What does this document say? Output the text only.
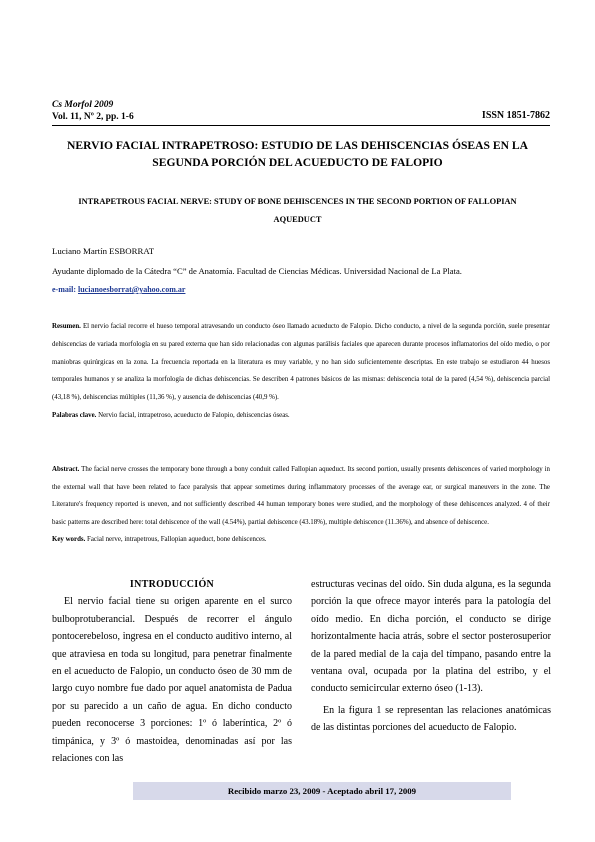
Cs Morfol 2009
Vol. 11, Nº 2, pp. 1-6	ISSN 1851-7862
NERVIO FACIAL INTRAPETROSO: ESTUDIO DE LAS DEHISCENCIAS ÓSEAS EN LA SEGUNDA PORCIÓN DEL ACUEDUCTO DE FALOPIO
INTRAPETROUS FACIAL NERVE: STUDY OF BONE DEHISCENCES IN THE SECOND PORTION OF FALLOPIAN AQUEDUCT
Luciano Martín ESBORRAT
Ayudante diplomado de la Cátedra “C” de Anatomía. Facultad de Ciencias Médicas. Universidad Nacional de La Plata.
e-mail: lucianoesborrat@yahoo.com.ar
Resumen. El nervio facial recorre el hueso temporal atravesando un conducto óseo llamado acueducto de Falopio. Dicho conducto, a nivel de la segunda porción, suele presentar dehiscencias de variada morfología en su pared externa que han sido relacionadas con algunas parálisis faciales que aparecen durante procesos inflamatorios del oído medio, o por maniobras quirúrgicas en la zona. La frecuencia reportada en la literatura es muy variable, y no han sido suficientemente descriptas. En este trabajo se estudiaron 44 huesos temporales humanos y se analiza la morfología de dichas dehiscencias. Se describen 4 patrones básicos de las mismas: dehiscencia total de la pared (4,54 %), dehiscencia parcial (43,18 %), dehiscencias múltiples (11,36 %), y ausencia de dehiscencias (40,9 %).
Palabras clave. Nervio facial, intrapetroso, acueducto de Falopio, dehiscencias óseas.
Abstract. The facial nerve crosses the temporary bone through a bony conduit called Fallopian aqueduct. Its second portion, usually presents dehiscences of varied morphology in the external wall that have been related to face paralysis that appear sometimes during inflammatory processes of the average ear, or surgical maneuvers in the zone. The Literature's frequency reported is uneven, and not sufficiently described 44 human temporary bones were studied, and the morphology of these dehiscences analyzed. 4 of their basic patterns are described here: total dehiscence of the wall (4.54%), partial dehiscence (43.18%), multiple dehiscence (11.36%), and absence of dehiscence.
Key words. Facial nerve, intrapetrous, Fallopian aqueduct, bone dehiscences.

INTRODUCCIÓN

El nervio facial tiene su origen aparente en el surco bulboprotuberancial. Después de recorrer el ángulo pontocerebeloso, ingresa en el conducto auditivo interno, al que atraviesa en toda su longitud, para penetrar finalmente en el acueducto de Falopio, un conducto óseo de 30 mm de largo cuyo nombre fue dado por aquel anatomista de Padua por su parecido a un caño de agua. En dicho conducto pueden reconocerse 3 porciones: 1º ó laberíntica, 2º ó timpánica, y 3º ó mastoidea, denominadas así por las relaciones con las

estructuras vecinas del oído. Sin duda alguna, es la segunda porción la que ofrece mayor interés para la patología del oído medio. En dicha porción, el conducto se dirige horizontalmente hacia atrás, sobre el sector posterosuperior de la pared medial de la caja del tímpano, pasando entre la ventana oval, ocupada por la platina del estribo, y el conducto semicircular externo óseo (1-13).

En la figura 1 se representan las relaciones anatómicas de las distintas porciones del acueducto de Falopio.

Recibido marzo 23, 2009 - Aceptado abril 17, 2009
